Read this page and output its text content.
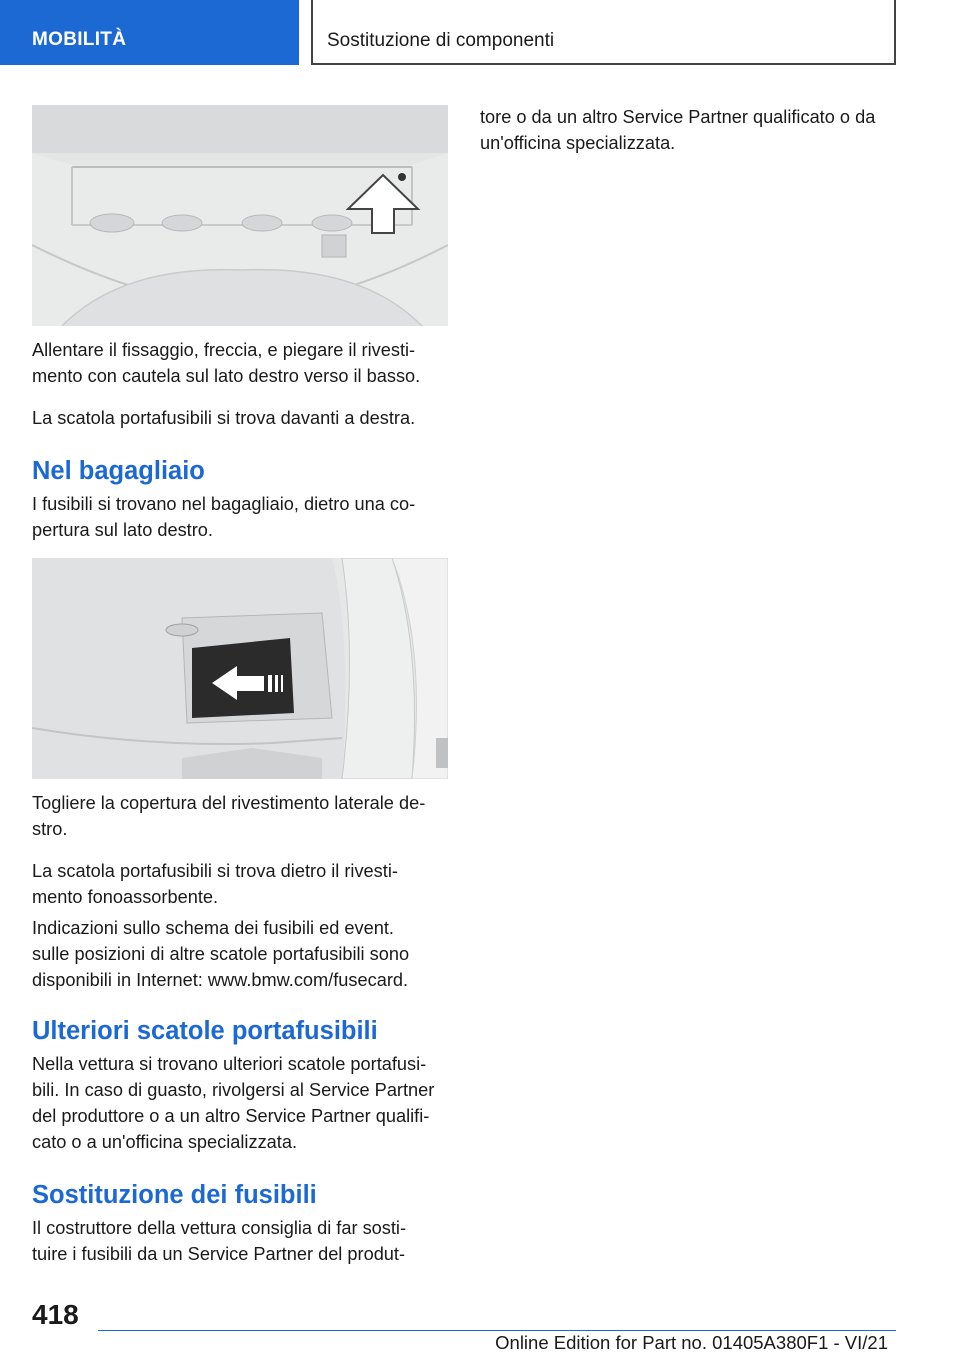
MOBILITÀ	Sostituzione di componenti
Allentare il fissaggio, freccia, e piegare il rivesti-
mento con cautela sul lato destro verso il basso.
La scatola portafusibili si trova davanti a destra.
Nel bagagliaio
I fusibili si trovano nel bagagliaio, dietro una co-
pertura sul lato destro.
Togliere la copertura del rivestimento laterale de-
stro.
La scatola portafusibili si trova dietro il rivesti-
mento fonoassorbente.
Indicazioni sullo schema dei fusibili ed event.
sulle posizioni di altre scatole portafusibili sono
disponibili in Internet: www.bmw.com/fusecard.
Ulteriori scatole portafusibili
Nella vettura si trovano ulteriori scatole portafusi-
bili. In caso di guasto, rivolgersi al Service Partner
del produttore o a un altro Service Partner qualifi-
cato o a un'officina specializzata.
Sostituzione dei fusibili
Il costruttore della vettura consiglia di far sosti-
tuire i fusibili da un Service Partner del produt-
tore o da un altro Service Partner qualificato o da
un'officina specializzata.
418
Online Edition for Part no. 01405A380F1 - VI/21
